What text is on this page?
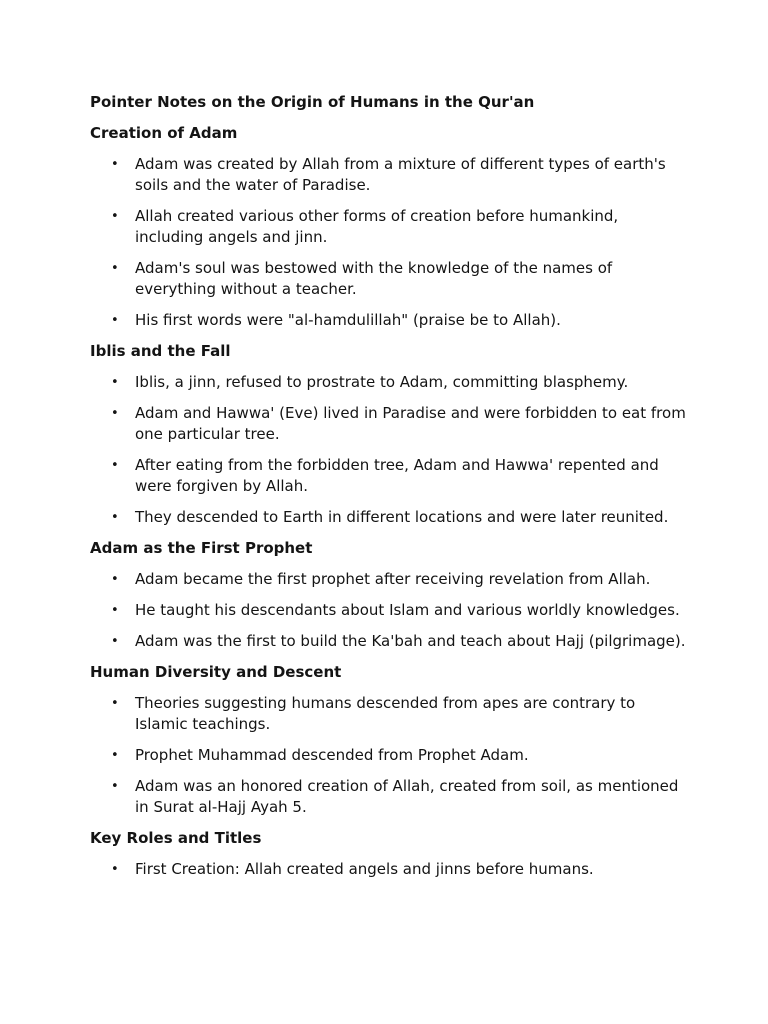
Pointer Notes on the Origin of Humans in the Qur'an
Creation of Adam
• Adam was created by Allah from a mixture of different types of earth's soils and the water of Paradise.
• Allah created various other forms of creation before humankind, including angels and jinn.
• Adam's soul was bestowed with the knowledge of the names of everything without a teacher.
• His first words were "al-hamdulillah" (praise be to Allah).
Iblis and the Fall
• Iblis, a jinn, refused to prostrate to Adam, committing blasphemy.
• Adam and Hawwa' (Eve) lived in Paradise and were forbidden to eat from one particular tree.
• After eating from the forbidden tree, Adam and Hawwa' repented and were forgiven by Allah.
• They descended to Earth in different locations and were later reunited.
Adam as the First Prophet
• Adam became the first prophet after receiving revelation from Allah.
• He taught his descendants about Islam and various worldly knowledges.
• Adam was the first to build the Ka'bah and teach about Hajj (pilgrimage).
Human Diversity and Descent
• Theories suggesting humans descended from apes are contrary to Islamic teachings.
• Prophet Muhammad descended from Prophet Adam.
• Adam was an honored creation of Allah, created from soil, as mentioned in Surat al-Hajj Ayah 5.
Key Roles and Titles
• First Creation: Allah created angels and jinns before humans.
